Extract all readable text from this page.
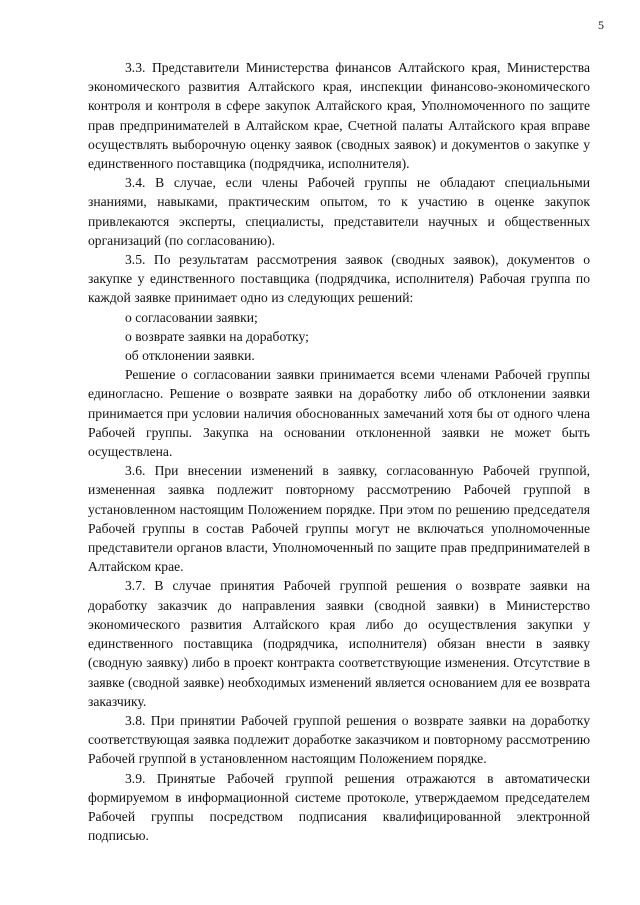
5

3.3. Представители Министерства финансов Алтайского края, Министерства экономического развития Алтайского края, инспекции финансово-экономического контроля и контроля в сфере закупок Алтайского края, Уполномоченного по защите прав предпринимателей в Алтайском крае, Счетной палаты Алтайского края вправе осуществлять выборочную оценку заявок (сводных заявок) и документов о закупке у единственного поставщика (подрядчика, исполнителя).

3.4. В случае, если члены Рабочей группы не обладают специальными знаниями, навыками, практическим опытом, то к участию в оценке закупок привлекаются эксперты, специалисты, представители научных и общественных организаций (по согласованию).

3.5. По результатам рассмотрения заявок (сводных заявок), документов о закупке у единственного поставщика (подрядчика, исполнителя) Рабочая группа по каждой заявке принимает одно из следующих решений:

о согласовании заявки;

о возврате заявки на доработку;

об отклонении заявки.

Решение о согласовании заявки принимается всеми членами Рабочей группы единогласно. Решение о возврате заявки на доработку либо об отклонении заявки принимается при условии наличия обоснованных замечаний хотя бы от одного члена Рабочей группы. Закупка на основании отклоненной заявки не может быть осуществлена.

3.6. При внесении изменений в заявку, согласованную Рабочей группой, измененная заявка подлежит повторному рассмотрению Рабочей группой в установленном настоящим Положением порядке. При этом по решению председателя Рабочей группы в состав Рабочей группы могут не включаться уполномоченные представители органов власти, Уполномоченный по защите прав предпринимателей в Алтайском крае.

3.7. В случае принятия Рабочей группой решения о возврате заявки на доработку заказчик до направления заявки (сводной заявки) в Министерство экономического развития Алтайского края либо до осуществления закупки у единственного поставщика (подрядчика, исполнителя) обязан внести в заявку (сводную заявку) либо в проект контракта соответствующие изменения. Отсутствие в заявке (сводной заявке) необходимых изменений является основанием для ее возврата заказчику.

3.8. При принятии Рабочей группой решения о возврате заявки на доработку соответствующая заявка подлежит доработке заказчиком и повторному рассмотрению Рабочей группой в установленном настоящим Положением порядке.

3.9. Принятые Рабочей группой решения отражаются в автоматически формируемом в информационной системе протоколе, утверждаемом председателем Рабочей группы посредством подписания квалифицированной электронной подписью.
